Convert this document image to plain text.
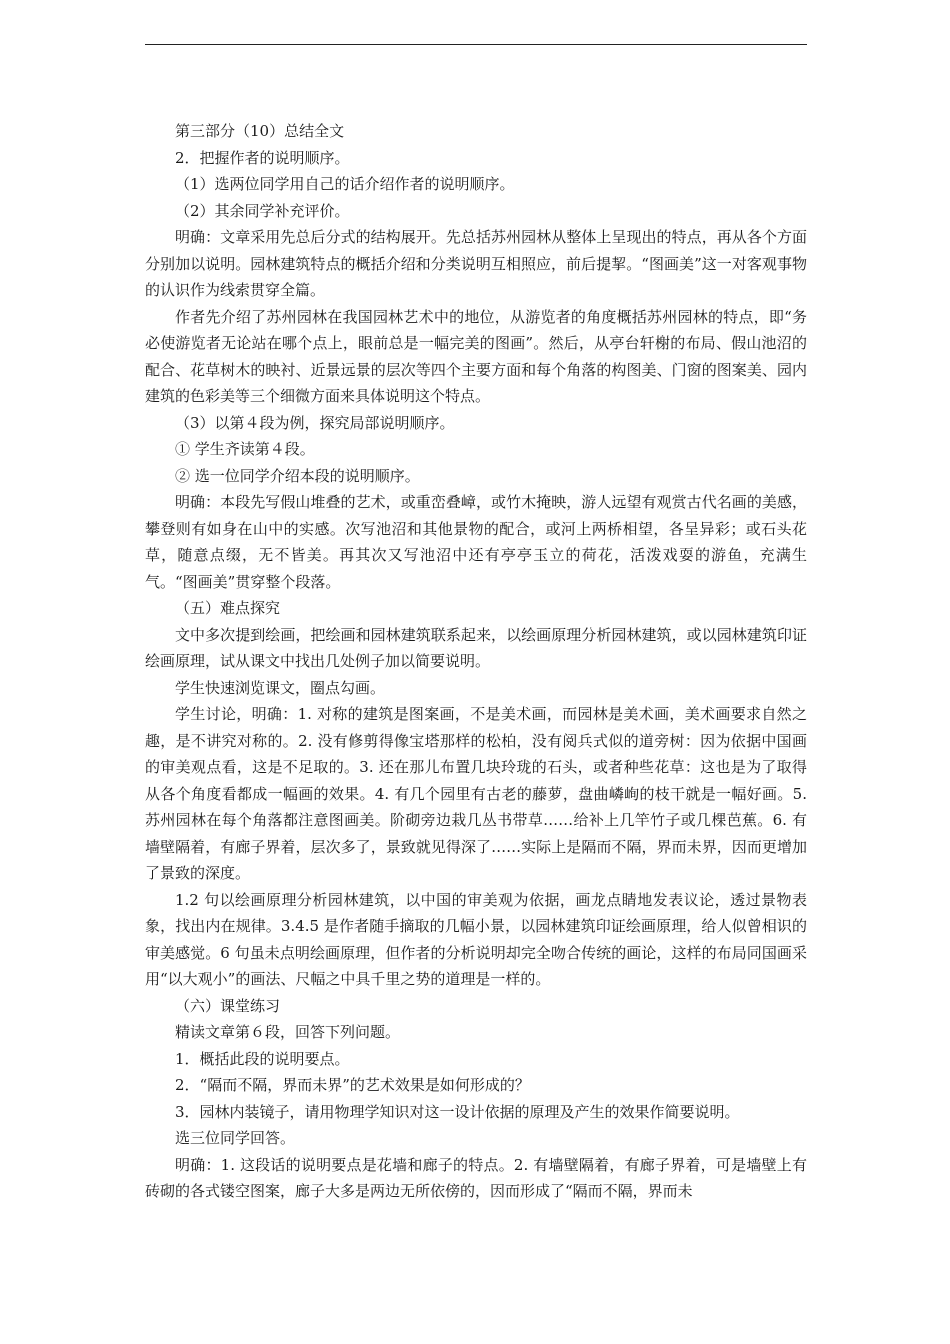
第三部分（10）总结全文

2．把握作者的说明顺序。

（1）选两位同学用自己的话介绍作者的说明顺序。

（2）其余同学补充评价。

明确：文章采用先总后分式的结构展开。先总括苏州园林从整体上呈现出的特点，再从各个方面分别加以说明。园林建筑特点的概括介绍和分类说明互相照应，前后提挈。“图画美”这一对客观事物的认识作为线索贯穿全篇。

作者先介绍了苏州园林在我国园林艺术中的地位，从游览者的角度概括苏州园林的特点，即“务必使游览者无论站在哪个点上，眼前总是一幅完美的图画”。然后，从亭台轩榭的布局、假山池沼的配合、花草树木的映衬、近景远景的层次等四个主要方面和每个角落的构图美、门窗的图案美、园内建筑的色彩美等三个细微方面来具体说明这个特点。

（3）以第４段为例，探究局部说明顺序。

① 学生齐读第４段。

② 选一位同学介绍本段的说明顺序。

明确：本段先写假山堆叠的艺术，或重峦叠嶂，或竹木掩映，游人远望有观赏古代名画的美感，攀登则有如身在山中的实感。次写池沼和其他景物的配合，或河上两桥相望，各呈异彩；或石头花草，随意点缀，无不皆美。再其次又写池沼中还有亭亭玉立的荷花，活泼戏耍的游鱼，充满生气。“图画美”贯穿整个段落。

（五）难点探究

文中多次提到绘画，把绘画和园林建筑联系起来，以绘画原理分析园林建筑，或以园林建筑印证绘画原理，试从课文中找出几处例子加以简要说明。

学生快速浏览课文，圈点勾画。

学生讨论，明确：1. 对称的建筑是图案画，不是美术画，而园林是美术画，美术画要求自然之趣，是不讲究对称的。2. 没有修剪得像宝塔那样的松柏，没有阅兵式似的道旁树：因为依据中国画的审美观点看，这是不足取的。3. 还在那儿布置几块玲珑的石头，或者种些花草：这也是为了取得从各个角度看都成一幅画的效果。4. 有几个园里有古老的藤萝，盘曲嶙峋的枝干就是一幅好画。5. 苏州园林在每个角落都注意图画美。阶砌旁边栽几丛书带草……给补上几竿竹子或几棵芭蕉。6. 有墙壁隔着，有廊子界着，层次多了，景致就见得深了……实际上是隔而不隔，界而未界，因而更增加了景致的深度。

1.2 句以绘画原理分析园林建筑，以中国的审美观为依据，画龙点睛地发表议论，透过景物表象，找出内在规律。3.4.5 是作者随手摘取的几幅小景，以园林建筑印证绘画原理，给人似曾相识的审美感觉。6 句虽未点明绘画原理，但作者的分析说明却完全吻合传统的画论，这样的布局同国画采用“以大观小”的画法、尺幅之中具千里之势的道理是一样的。

（六）课堂练习

精读文章第６段，回答下列问题。

1．概括此段的说明要点。

2．“隔而不隔，界而未界”的艺术效果是如何形成的？

3．园林内装镜子，请用物理学知识对这一设计依据的原理及产生的效果作简要说明。

选三位同学回答。

明确：1. 这段话的说明要点是花墙和廊子的特点。2. 有墙壁隔着，有廊子界着，可是墙壁上有砖砌的各式镂空图案，廊子大多是两边无所依傍的，因而形成了“隔而不隔，界而未
